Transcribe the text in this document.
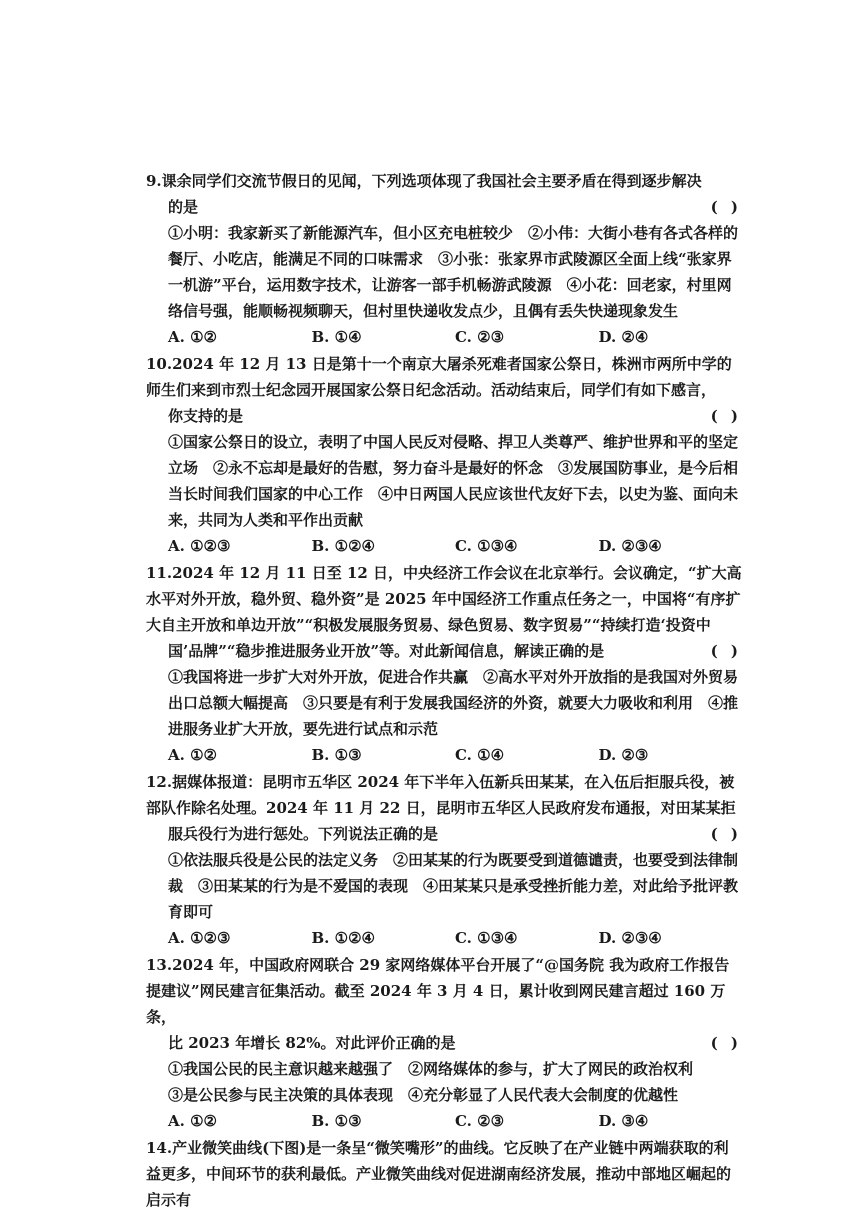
9.课余同学们交流节假日的见闻，下列选项体现了我国社会主要矛盾在得到逐步解决
的是	( )
①小明：我家新买了新能源汽车，但小区充电桩较少　②小伟：大街小巷有各式各样的餐厅、小吃店，能满足不同的口味需求　③小张：张家界市武陵源区全面上线“张家界一机游”平台，运用数字技术，让游客一部手机畅游武陵源　④小花：回老家，村里网络信号强，能顺畅视频聊天，但村里快递收发点少，且偶有丢失快递现象发生
A. ①②	B. ①④	C. ②③	D. ②④
10.2024 年 12 月 13 日是第十一个南京大屠杀死难者国家公祭日，株洲市两所中学的师生们来到市烈士纪念园开展国家公祭日纪念活动。活动结束后，同学们有如下感言，
你支持的是	( )
①国家公祭日的设立，表明了中国人民反对侵略、捍卫人类尊严、维护世界和平的坚定立场　②永不忘却是最好的告慰，努力奋斗是最好的怀念　③发展国防事业，是今后相当长时间我们国家的中心工作　④中日两国人民应该世代友好下去，以史为鉴、面向未来，共同为人类和平作出贡献
A. ①②③	B. ①②④	C. ①③④	D. ②③④
11.2024 年 12 月 11 日至 12 日，中央经济工作会议在北京举行。会议确定，“扩大高水平对外开放，稳外贸、稳外资”是 2025 年中国经济工作重点任务之一，中国将“有序扩大自主开放和单边开放”“积极发展服务贸易、绿色贸易、数字贸易”“持续打造‘投资中
国’品牌”“稳步推进服务业开放”等。对此新闻信息，解读正确的是	( )
①我国将进一步扩大对外开放，促进合作共赢　②高水平对外开放指的是我国对外贸易出口总额大幅提高　③只要是有利于发展我国经济的外资，就要大力吸收和利用　④推进服务业扩大开放，要先进行试点和示范
A. ①②	B. ①③	C. ①④	D. ②③
12.据媒体报道：昆明市五华区 2024 年下半年入伍新兵田某某，在入伍后拒服兵役，被部队作除名处理。2024 年 11 月 22 日，昆明市五华区人民政府发布通报，对田某某拒
服兵役行为进行惩处。下列说法正确的是	( )
①依法服兵役是公民的法定义务　②田某某的行为既要受到道德谴责，也要受到法律制裁　③田某某的行为是不爱国的表现　④田某某只是承受挫折能力差，对此给予批评教育即可
A. ①②③	B. ①②④	C. ①③④	D. ②③④
13.2024 年，中国政府网联合 29 家网络媒体平台开展了“@国务院 我为政府工作报告提建议”网民建言征集活动。截至 2024 年 3 月 4 日，累计收到网民建言超过 160 万条，
比 2023 年增长 82%。对此评价正确的是	( )
①我国公民的民主意识越来越强了　②网络媒体的参与，扩大了网民的政治权利
③是公民参与民主决策的具体表现　④充分彰显了人民代表大会制度的优越性
A. ①②	B. ①③	C. ②③	D. ③④
14.产业微笑曲线(下图)是一条呈“微笑嘴形”的曲线。它反映了在产业链中两端获取的利益更多，中间环节的获利最低。产业微笑曲线对促进湖南经济发展，推动中部地区崛起的启示有
